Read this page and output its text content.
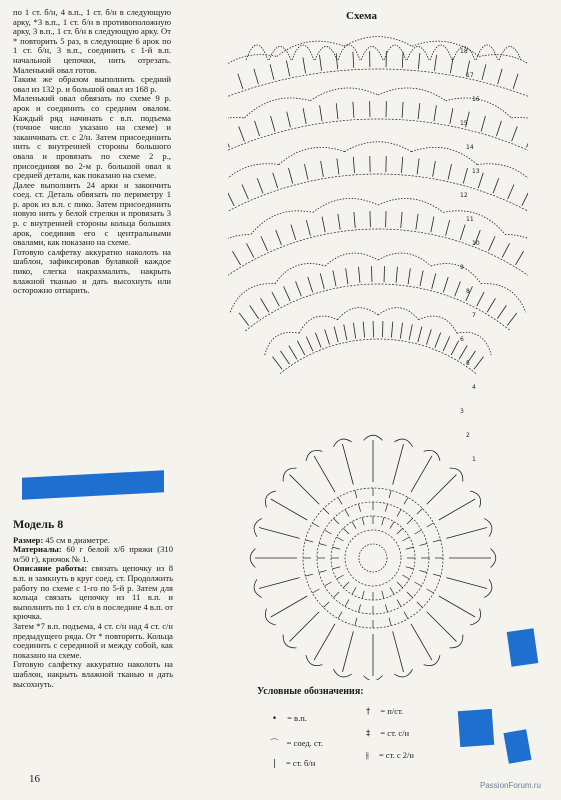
по 1 ст. б/н, 4 в.п., 1 ст. б/н в следующую арку, *3 в.п., 1 ст. б/н в противоположную арку, 3 в.п., 1 ст. б/н в следующую арку. От * повторить 5 раз, в следующие 6 арок по 1 ст. б/н, 3 в.п., соединить с 1-й в.п. начальной цепочки, нить отрезать. Маленький овал готов.

Таким же образом выполнить средний овал из 132 р. и большой овал из 168 р.

Маленький овал обвязать по схеме 9 р. арок и соединить со средним овалом. Каждый ряд начинать с в.п. подъема (точное число указано на схеме) и заканчивать ст. с 2/н. Затем присоединить нить с внутренней стороны большого овала и провязать по схеме 2 р., присоединяя во 2-м р. большой овал к средней детали, как показано на схеме.

Далее выполнить 24 арки и закончить соед. ст. Деталь обвязать по периметру 1 р. арок из в.п. с пико. Затем присоединить новую нить у белой стрелки и провязать 3 р. с внутренней стороны кольца больших арок, соединив его с центральными овалами, как показано на схеме.

Готовую салфетку аккуратно наколоть на шаблон, зафиксировав булавкой каждое пико, слегка накрахмалить, накрыть влажной тканью и дать высохнуть или осторожно отпарить.

Модель 8

Размер: 45 см в диаметре.

Материалы: 60 г белой х/б пряжи (310 м/50 г), крючок № 1.

Описание работы: связать цепочку из 8 в.п. и замкнуть в круг соед. ст. Продолжить работу по схеме с 1-го по 5-й р. Затем для кольца связать цепочку из 11 в.п. и выполнить по 1 ст. с/н в последние 4 в.п. от крючка.

Затем *7 в.п. подъема, 4 ст. с/н над 4 ст. с/н предыдущего ряда. От * повторить. Кольца соединить с серединой и между собой, как показано на схеме.

Готовую салфетку аккуратно наколоть на шаблон, накрыть влажной тканью и дать высохнуть.

16
Схема
18
17
16
15
14
13
12
11
10
9
8
7
6
5
4
3
2
1
Условные обозначения:
• = в.п.
⌒ = соед. ст.
| = ст. б/н
† = п/ст.
‡ = ст. с/н
⫲ = ст. с 2/н
PassionForum.ru
